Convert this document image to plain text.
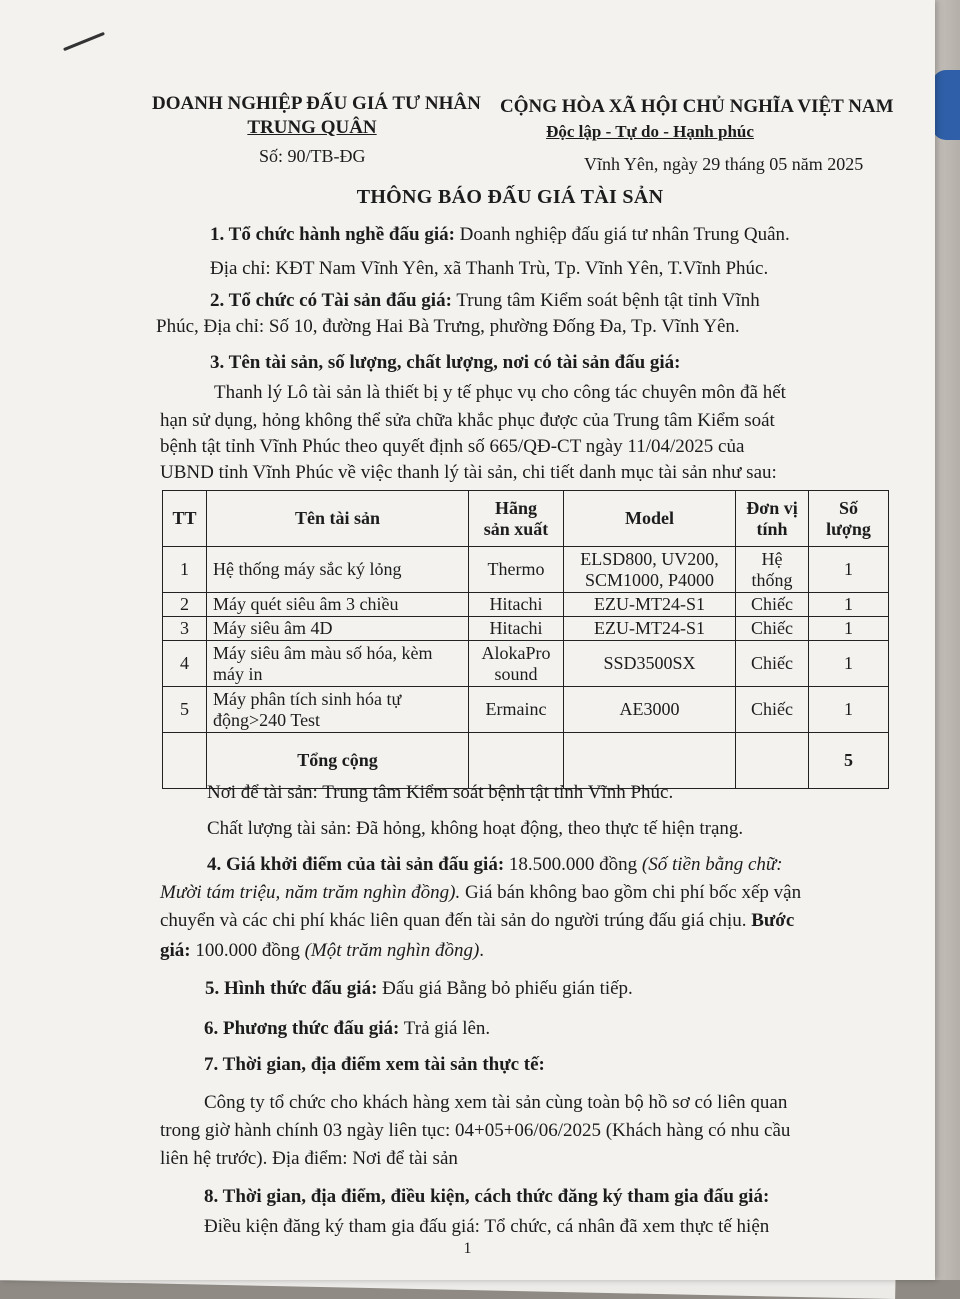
DOANH NGHIỆP ĐẤU GIÁ TƯ NHÂN
TRUNG QUÂN
Số: 90/TB-ĐG
CỘNG HÒA XÃ HỘI CHỦ NGHĨA VIỆT NAM
Độc lập - Tự do - Hạnh phúc
Vĩnh Yên, ngày 29 tháng 05 năm 2025
THÔNG BÁO ĐẤU GIÁ TÀI SẢN
1. Tổ chức hành nghề đấu giá: Doanh nghiệp đấu giá tư nhân Trung Quân.
Địa chỉ: KĐT Nam Vĩnh Yên, xã Thanh Trù, Tp. Vĩnh Yên, T.Vĩnh Phúc.
2. Tổ chức có Tài sản đấu giá: Trung tâm Kiểm soát bệnh tật tỉnh Vĩnh
Phúc, Địa chỉ: Số 10, đường Hai Bà Trưng, phường Đống Đa, Tp. Vĩnh Yên.
3. Tên tài sản, số lượng, chất lượng, nơi có tài sản đấu giá:
Thanh lý Lô tài sản là thiết bị y tế phục vụ cho công tác chuyên môn đã hết
hạn sử dụng, hỏng không thể sửa chữa khắc phục được của Trung tâm Kiểm soát
bệnh tật tỉnh Vĩnh Phúc theo quyết định số 665/QĐ-CT ngày 11/04/2025 của
UBND tỉnh Vĩnh Phúc về việc thanh lý tài sản, chi tiết danh mục tài sản như sau:
TT	Tên tài sản	Hãng
sản xuất	Model	Đơn vị
tính	Số
lượng
1	Hệ thống máy sắc ký lỏng	Thermo	ELSD800, UV200,
SCM1000, P4000	Hệ
thống	1
2	Máy quét siêu âm 3 chiều	Hitachi	EZU-MT24-S1	Chiếc	1
3	Máy siêu âm 4D	Hitachi	EZU-MT24-S1	Chiếc	1
4	Máy siêu âm màu số hóa, kèm
máy in	AlokaPro
sound	SSD3500SX	Chiếc	1
5	Máy phân tích sinh hóa tự
động>240 Test	Ermainc	AE3000	Chiếc	1
	Tổng cộng				5
Nơi để tài sản: Trung tâm Kiểm soát bệnh tật tỉnh Vĩnh Phúc.
Chất lượng tài sản: Đã hỏng, không hoạt động, theo thực tế hiện trạng.
4. Giá khởi điểm của tài sản đấu giá: 18.500.000 đồng (Số tiền bằng chữ:
Mười tám triệu, năm trăm nghìn đồng). Giá bán không bao gồm chi phí bốc xếp vận
chuyển và các chi phí khác liên quan đến tài sản do người trúng đấu giá chịu. Bước
giá: 100.000 đồng (Một trăm nghìn đồng).
5. Hình thức đấu giá: Đấu giá Bằng bỏ phiếu gián tiếp.
6. Phương thức đấu giá: Trả giá lên.
7. Thời gian, địa điểm xem tài sản thực tế:
Công ty tổ chức cho khách hàng xem tài sản cùng toàn bộ hồ sơ có liên quan
trong giờ hành chính 03 ngày liên tục: 04+05+06/06/2025 (Khách hàng có nhu cầu
liên hệ trước). Địa điểm: Nơi để tài sản
8. Thời gian, địa điểm, điều kiện, cách thức đăng ký tham gia đấu giá:
Điều kiện đăng ký tham gia đấu giá: Tổ chức, cá nhân đã xem thực tế hiện
1
